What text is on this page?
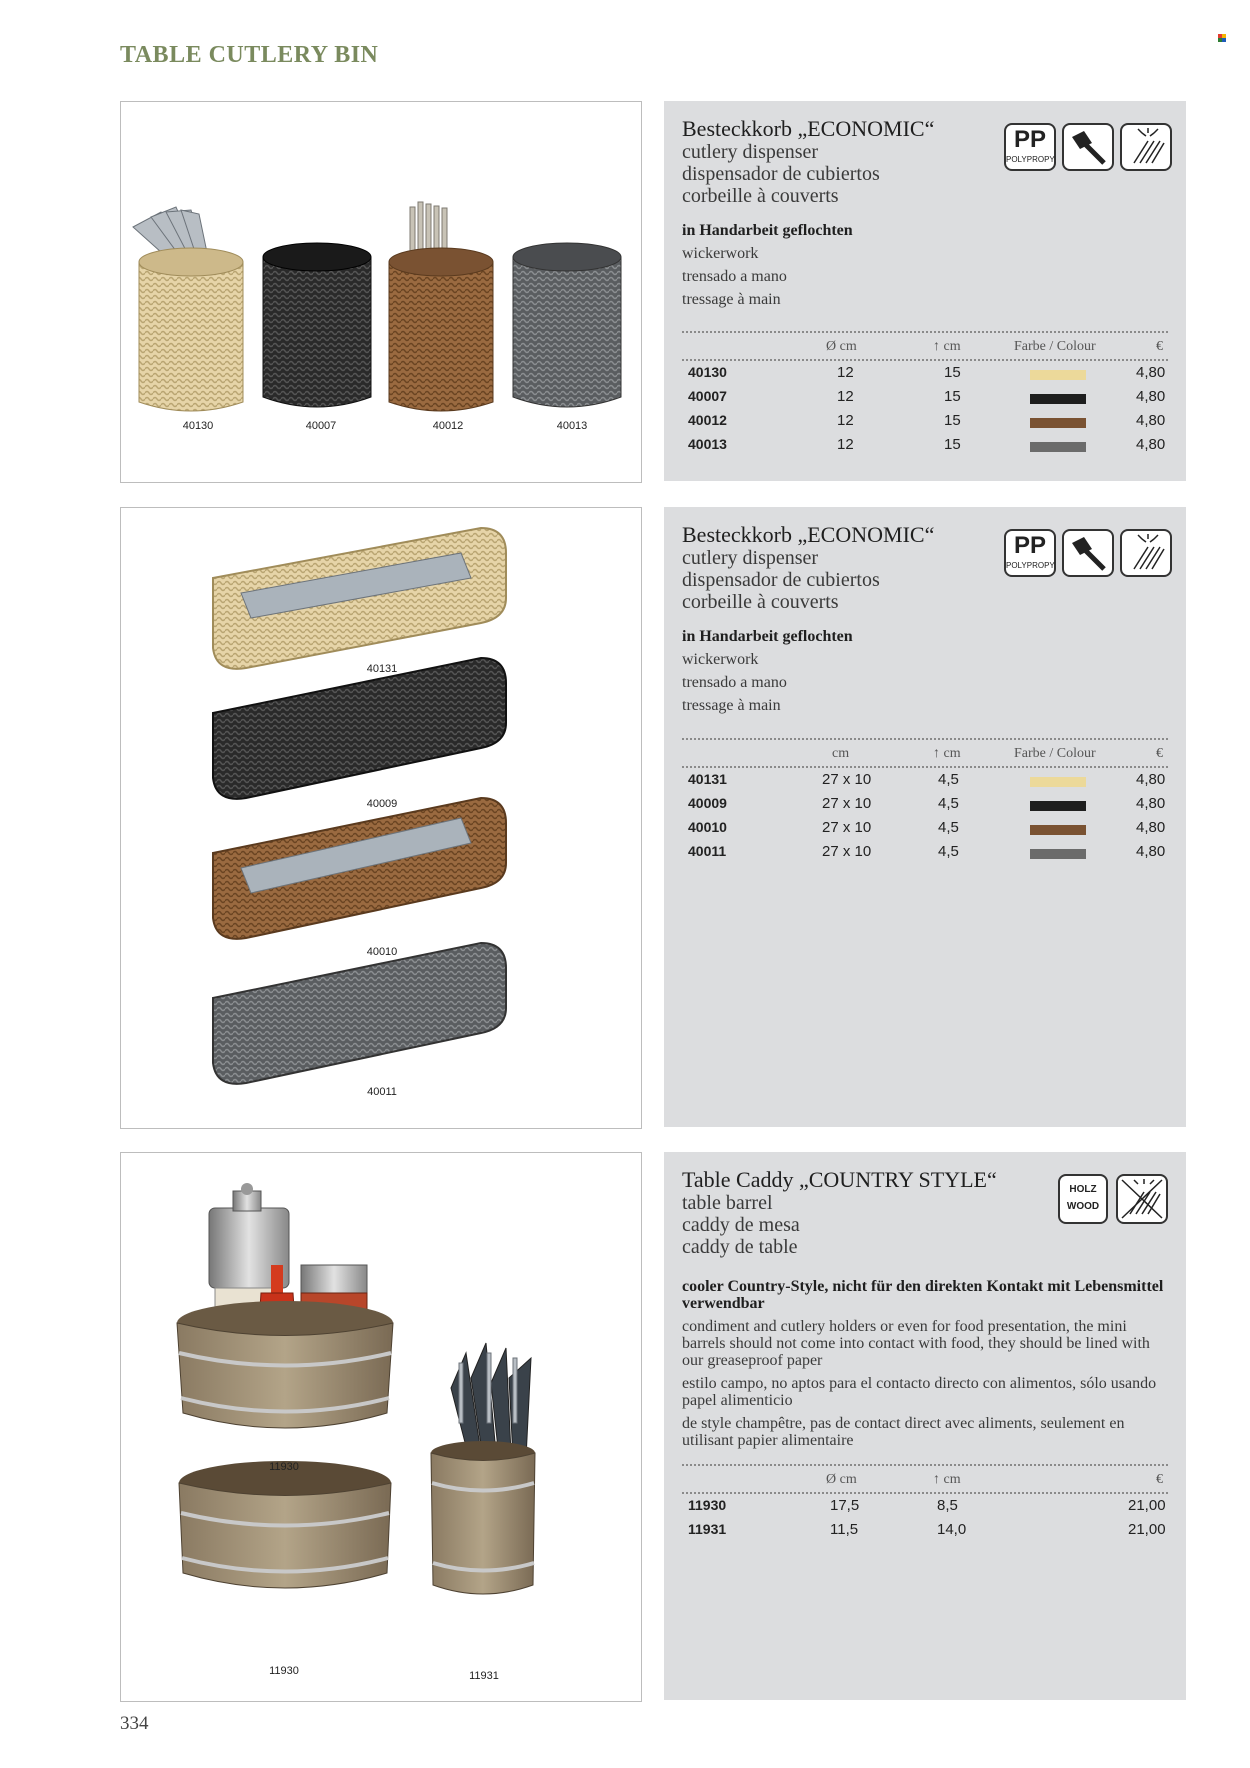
TABLE CUTLERY BIN
40130	40007	40012	40013
Besteckkorb „ECONOMIC“
cutlery dispenser
dispensador de cubiertos
corbeille à couverts
PP
POLYPROPY
in Handarbeit geflochten
wickerwork
trensado a mano
tressage à main
Ø cm	↑ cm	Farbe / Colour	€
40130	12	15	4,80
40007	12	15	4,80
40012	12	15	4,80
40013	12	15	4,80
40131
40009
40010
40011
Besteckkorb „ECONOMIC“
cutlery dispenser
dispensador de cubiertos
corbeille à couverts
PP
POLYPROPY
in Handarbeit geflochten
wickerwork
trensado a mano
tressage à main
cm	↑ cm	Farbe / Colour	€
40131	27 x 10	4,5	4,80
40009	27 x 10	4,5	4,80
40010	27 x 10	4,5	4,80
40011	27 x 10	4,5	4,80
11930
11930	11931
Table Caddy „COUNTRY STYLE“
table barrel
caddy de mesa
caddy de table
HOLZ
WOOD
cooler Country-Style, nicht für den direkten Kontakt mit Lebensmittel verwendbar
condiment and cutlery holders or even for food presentation, the mini barrels should not come into contact with food, they should be lined with our greaseproof paper
estilo campo, no aptos para el contacto directo con alimentos, sólo usando papel alimenticio
de style champêtre, pas de contact direct avec aliments, seulement en utilisant papier alimentaire
Ø cm	↑ cm	€
11930	17,5	8,5	21,00
11931	11,5	14,0	21,00
334
